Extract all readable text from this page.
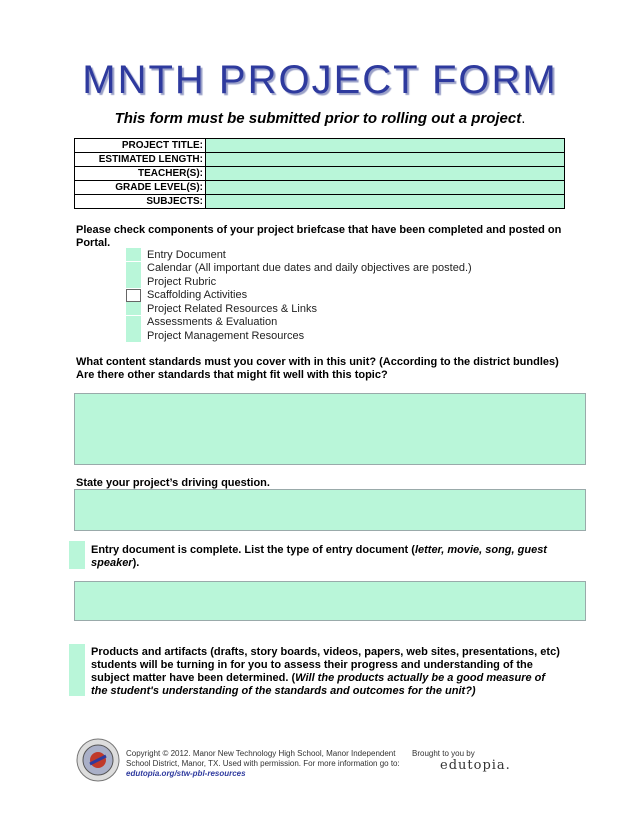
MNTH PROJECT FORM
This form must be submitted prior to rolling out a project.
PROJECT TITLE:	
ESTIMATED LENGTH:	
TEACHER(S):	
GRADE LEVEL(S):	
SUBJECTS:	
Please check components of your project briefcase that have been completed and posted on Portal.
Entry Document
Calendar (All important due dates and daily objectives are posted.)
Project Rubric
Scaffolding Activities
Project Related Resources & Links
Assessments & Evaluation
Project Management Resources
What content standards must you cover with in this unit? (According to the district bundles) Are there other standards that might fit well with this topic?
State your project’s driving question.
Entry document is complete. List the type of entry document (letter, movie, song, guest speaker).
Products and artifacts (drafts, story boards, videos, papers, web sites, presentations, etc) students will be turning in for you to assess their progress and understanding of the subject matter have been determined. (Will the products actually be a good measure of the student's understanding of the standards and outcomes for the unit?)
Copyright © 2012. Manor New Technology High School, Manor Independent School District, Manor, TX. Used with permission. For more information go to:
edutopia.org/stw-pbl-resources
Brought to you by
edutopia.
